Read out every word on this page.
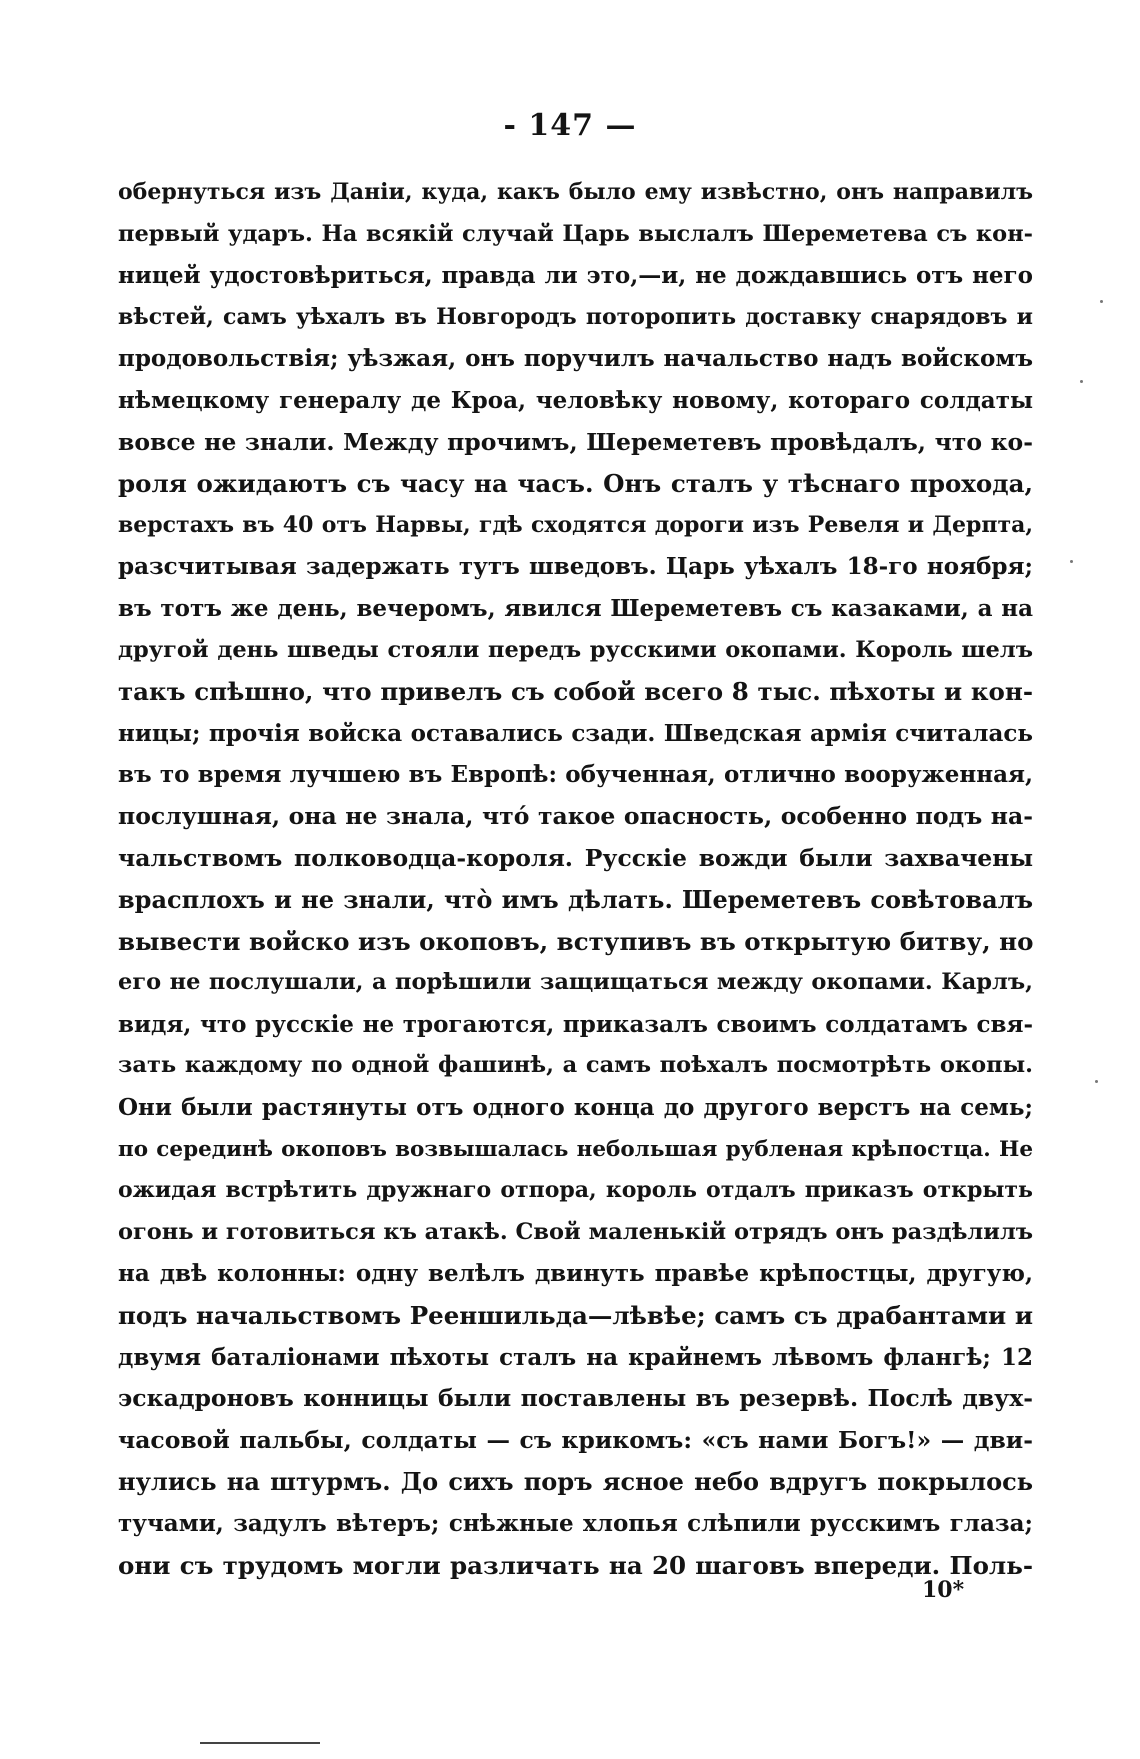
- 147 —

обернуться изъ Даніи, куда, какъ было ему извѣстно, онъ направилъ
первый ударъ. На всякій случай Царь выслалъ Шереметева съ кон-
ницей удостовѣриться, правда ли это,—и, не дождавшись отъ него
вѣстей, самъ уѣхалъ въ Новгородъ поторопить доставку снарядовъ и
продовольствія; уѣзжая, онъ поручилъ начальство надъ войскомъ
нѣмецкому генералу де Кроа, человѣку новому, котораго солдаты
вовсе не знали. Между прочимъ, Шереметевъ провѣдалъ, что ко-
роля ожидаютъ съ часу на часъ. Онъ сталъ у тѣснаго прохода,
верстахъ въ 40 отъ Нарвы, гдѣ сходятся дороги изъ Ревеля и Дерпта,
разсчитывая задержать тутъ шведовъ. Царь уѣхалъ 18-го ноября;
въ тотъ же день, вечеромъ, явился Шереметевъ съ казаками, а на
другой день шведы стояли передъ русскими окопами. Король шелъ
такъ спѣшно, что привелъ съ собой всего 8 тыс. пѣхоты и кон-
ницы; прочія войска оставались сзади. Шведская армія считалась
въ то время лучшею въ Европѣ: обученная, отлично вооруженная,
послушная, она не знала, что́ такое опасность, особенно подъ на-
чальствомъ полководца-короля. Русскіе вожди были захвачены
врасплохъ и не знали, что̀ имъ дѣлать. Шереметевъ совѣтовалъ
вывести войско изъ окоповъ, вступивъ въ открытую битву, но
его не послушали, а порѣшили защищаться между окопами. Карлъ,
видя, что русскіе не трогаются, приказалъ своимъ солдатамъ свя-
зать каждому по одной фашинѣ, а самъ поѣхалъ посмотрѣть окопы.
Они были растянуты отъ одного конца до другого верстъ на семь;
по серединѣ окоповъ возвышалась небольшая рубленая крѣпостца. Не
ожидая встрѣтить дружнаго отпора, король отдалъ приказъ открыть
огонь и готовиться къ атакѣ. Свой маленькій отрядъ онъ раздѣлилъ
на двѣ колонны: одну велѣлъ двинуть правѣе крѣпостцы, другую,
подъ начальствомъ Рееншильда—лѣвѣе; самъ съ драбантами и
двумя баталіонами пѣхоты сталъ на крайнемъ лѣвомъ флангѣ; 12
эскадроновъ конницы были поставлены въ резервѣ. Послѣ двух-
часовой пальбы, солдаты — съ крикомъ: «съ нами Богъ!» — дви-
нулись на штурмъ. До сихъ поръ ясное небо вдругъ покрылось
тучами, задулъ вѣтеръ; снѣжные хлопья слѣпили русскимъ глаза;
они съ трудомъ могли различать на 20 шаговъ впереди. Поль-
10*
